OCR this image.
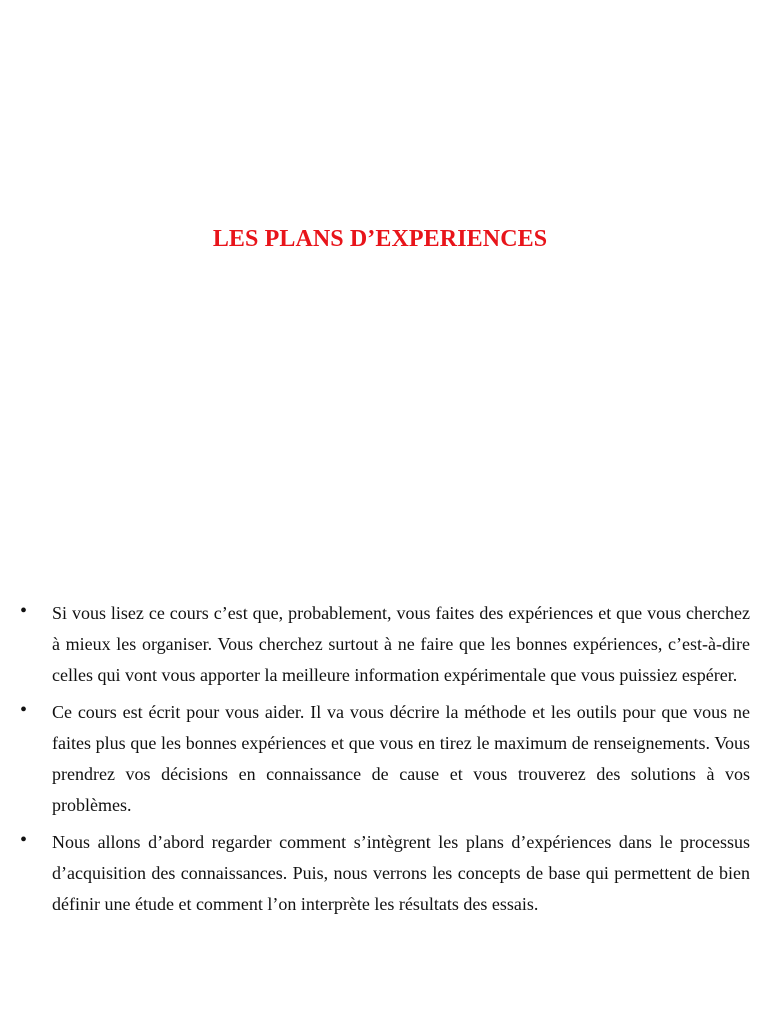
LES PLANS D’EXPERIENCES
• Si vous lisez ce cours c’est que, probablement, vous faites des expériences et que vous cherchez à mieux les organiser. Vous cherchez surtout à ne faire que les bonnes expériences, c’est-à-dire celles qui vont vous apporter la meilleure information expérimentale que vous puissiez espérer.
• Ce cours est écrit pour vous aider. Il va vous décrire la méthode et les outils pour que vous ne faites plus que les bonnes expériences et que vous en tirez le maximum de renseignements. Vous prendrez vos décisions en connaissance de cause et vous trouverez des solutions à vos problèmes.
• Nous allons d’abord regarder comment s’intègrent les plans d’expériences dans le processus d’acquisition des connaissances. Puis, nous verrons les concepts de base qui permettent de bien définir une étude et comment l’on interprète les résultats des essais.
